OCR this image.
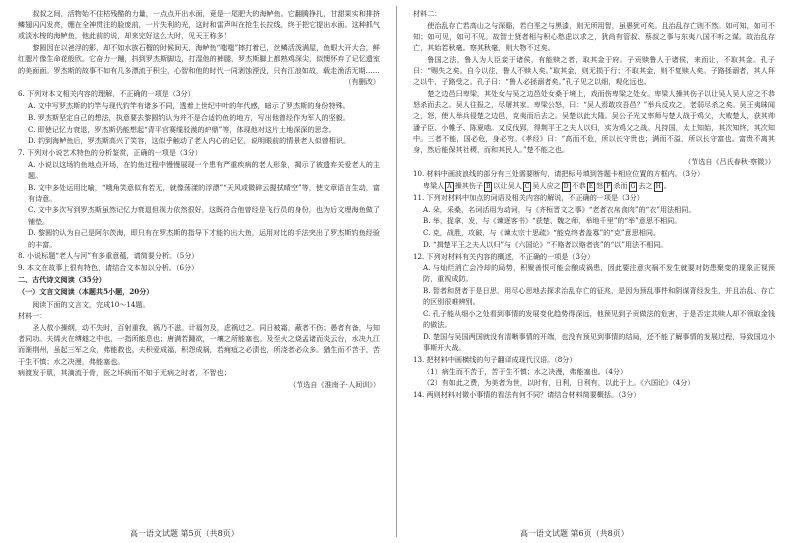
叔叔之间，活物始不住枯残酷的力量，一点点开出水面，竟是一尾肥大的海鲈鱼。它翻腾挣扎，甘甜果实和排挤鳞翅闪闪发亮，绷在全神贯注的脸庞前，一片失利的光，这时和雷声叫在抢生长拉线，终于把它提出水面。这种抓气或淡水梭的海鲈鱼，他此前的说，却来完好这么大时，见天王称多！

黎圆因在以爸浮的影，却不如水族石榴的时候间天，海鲈鱼“嗤嗤”摔打着已，丝鳞活泼满屋，鱼眼大开大合，鲜红腮片像生命花般欣。它奋力一蹦，抖到罗杰斯脚边，打湿他的裤腿，罗杰斯脚上都熟鸡深尖，似懊怀弃了记忆遗室的美面面。罗杰斯的故事不如有几多漂流于积尘，心智和他的时代一同剥蚀湮没，只有江浪如故，载走渔活无期……

（有删改）

6. 下列对本文相关内容的理解，不正确的一项是（3分）

A. 文中写罗杰斯的钓竿与现代钓竿有诸多不同，透着上世纪中叶的年代感，暗示了罗杰斯的身份特殊。

B. 罗杰斯坚定自己的想法，执意要去黎圆钓认为并不是合适钓鱼的地方，写出他曾经作为军人的坚毅。

C. 即使记忆力衰退，罗杰斯仍能想起“青平官赛缆驳漠的炉鼎”等，体现他对这片土地深深的思念。

D. 钓到海鲈鱼后，罗杰斯高兴了笑容，这似乎触动了老人内心的记忆，说明眼前的情景老人似曾相识。

7. 下列对小说艺术特色的分析鉴赏，正确的一项是（3分）

A. 小说以这场钓鱼地点开场，在钓鱼过程中慢慢展现一个患有严重疾病的老人形象，揭示了被遗弃关爱老人的主题。

B. 文中多处运用比喻，“哦角笑意似有若无，就像荡漾的浮漂”“天风或微碎云握拭晴空”等，使文章语言生动，富有诗意。

C. 文中多次写到罗杰斯虽然记忆力衰退但视力依然很好，这既符合他曾经是飞行员的身份，也为后文埋海鱼做了铺垫。

D. 黎圆钓认为自己是阿尔茨海，即只有在罗杰斯的指导下才能钓出大鱼，运用对比的手法突出了罗杰斯钓鱼经验的丰富。

8. 小说标题“老人与河”有多重意蕴，请简要分析。（5分）

9. 本文在故事上很有特色，请结合文本加以分析。（6分）

二、古代诗文阅读（35分）

（一）文言文阅读（本题共5小题，20分）

阅读下面的文言文，完成10～14题。

材料一：

圣人敖小操纲，动不失时，百射重我，祸乃不滋。计福勿及，虑祸过之。同日被霜，蔽者不伤；愚者有备，与知者同功。夫烯火在缚燧之中也，一指所能息也；唐满若踵欲，一壤之所能塞也。及至火之烧孟诸而炎云台，水决九江而渐荆州，虽起三军之众，弗能救也。夫积爱成福，积怨成祸，若痈疽之必渍也，所浇者必众多。猶生而不苦于，苦于生不慎；水之决漫，弗能塞也。

病渡发于肌，其滴流于骨，医之坏病而不知于无病之时者，不智也；

（节选自《淮南子·人间训》）

材料二：

使治乱存亡若高山之与深谿，若白垩之与黑漆，则无所用智，虽愚犹可矣。且治乱存亡则不然。如可知，如可不知；如可见，如可不见。故智士贤者相与积心愁虑以求之，犹尚有管叔、蔡叔之事与东夷八国不听之谋。故治乱存亡，其始若秋毫。察其秋毫，则大物不过矣。

鲁国之法，鲁人为人臣妾于诸侯，有能赎之者，取其金于府。子贡赎鲁人于诸侯，来而让，不取其金。孔子曰：“赐失之矣。自今以往，鲁人不赎人矣。”取其金，则无损于行；不取其金，则不复赎人矣。子路拯溺者，其人拜之以牛，子路受之。孔子曰：“鲁人必拯溺者矣。”孔子见之以细，观化远也。

楚之边邑曰卑梁，其处女与吴之边邑处女桑于境上，戏而伤卑梁之处女。卑梁人操其伤子以让吴人吴人应之不恭怒杀而去之。吴人往报之，尽屠其家。卑梁公怒，曰：“吴人焉敢攻吾邑？”举兵反攻之，老弱尽杀之矣。吴王夷昧闻之，怒，使人举兵侵楚之边邑，克夷而后去之。吴楚以此大隆。吴公子光又率师与楚人战于鸡父，大败楚人，获其帅潘子臣、小帷子、陈夏啮。又反伐郢，得荆平王之夫人以归，实为鸡父之战。凡持国，太上知始，其次知终，其次知中。三者不能，国必危，身必穷。《孝经》曰：“高而不危，所以长守贵也；满而不溢，所以长守富也。富贵不离其身，然后能保其社稷，而和其民人。”楚不能之也。

（节选自《吕氏春秋·察微》）

10. 材料中画波浪线的部分有三处需要断句，请把标号填到答题卡相应位置的方框内。（3分）

卑梁人 A 操其伤子 B 以让吴人 C 吴人应之 D 不恭 E 怒 F 杀而 G 去之 H 。

11. 下列对材料中加点的词语及相关内容的解说，不正确的一项是（3分）

A. 朵，采桑，名词活用为动词，与《齐桓晋文之事》“老者衣帛食肉”的“衣”用法相同。

B. 举，捉拿，发，与《谏逐客书》“获楚、魏之师，举地千里”的“举”意思不相同。

C. 克，战胜，攻破，与《谏太宗十思疏》“能克终者盖寡”的“克”意思相同。

D. “揖楚平王之夫人以归”与《六国论》“不赂者以赂者丧”的“以”用法不相同。

12. 下列对材料有关内容的概述，不正确的一项是（3分）

A. 与灿烂消亡会冷却的局势，积聚善恨可能会酿成祸患，因此要注意灾祸不发生就要对防患聚变的现象正视预防，重视成防。

B. 智者和贤者于是日思，用尽心思地去探求治乱存亡的征兆，是因为预乱事件和阴谋背经发生，并且治乱、存亡的区别很难辨别。

C. 孔子能从细小之处看到事情的发展变化趋势得深远，他预见到子贡做法的危害，于是否定共赎人却不领取金钱的做法。

D. 楚国与吴国两国就没有清晰事情的开端，也没有预见到事情的结局，还不能了解事情的发展过程，导致国边小事斯开大战。

13. 把材料中画横线的句子翻译成现代汉语。（8分）

（1）病生而不苦于，苦于生不慎；水之决漫，弗能塞也。（4分）

（2）有如此之费，为美者为世，以时有，日利，日利有，以此于上。《六国论》（4分）

14. 两则材料对微小事情的看法有何不同？请结合材料简要概括。（3分）

高一语文试题 第5页（共8页）	高一语文试题 第6页（共8页）
